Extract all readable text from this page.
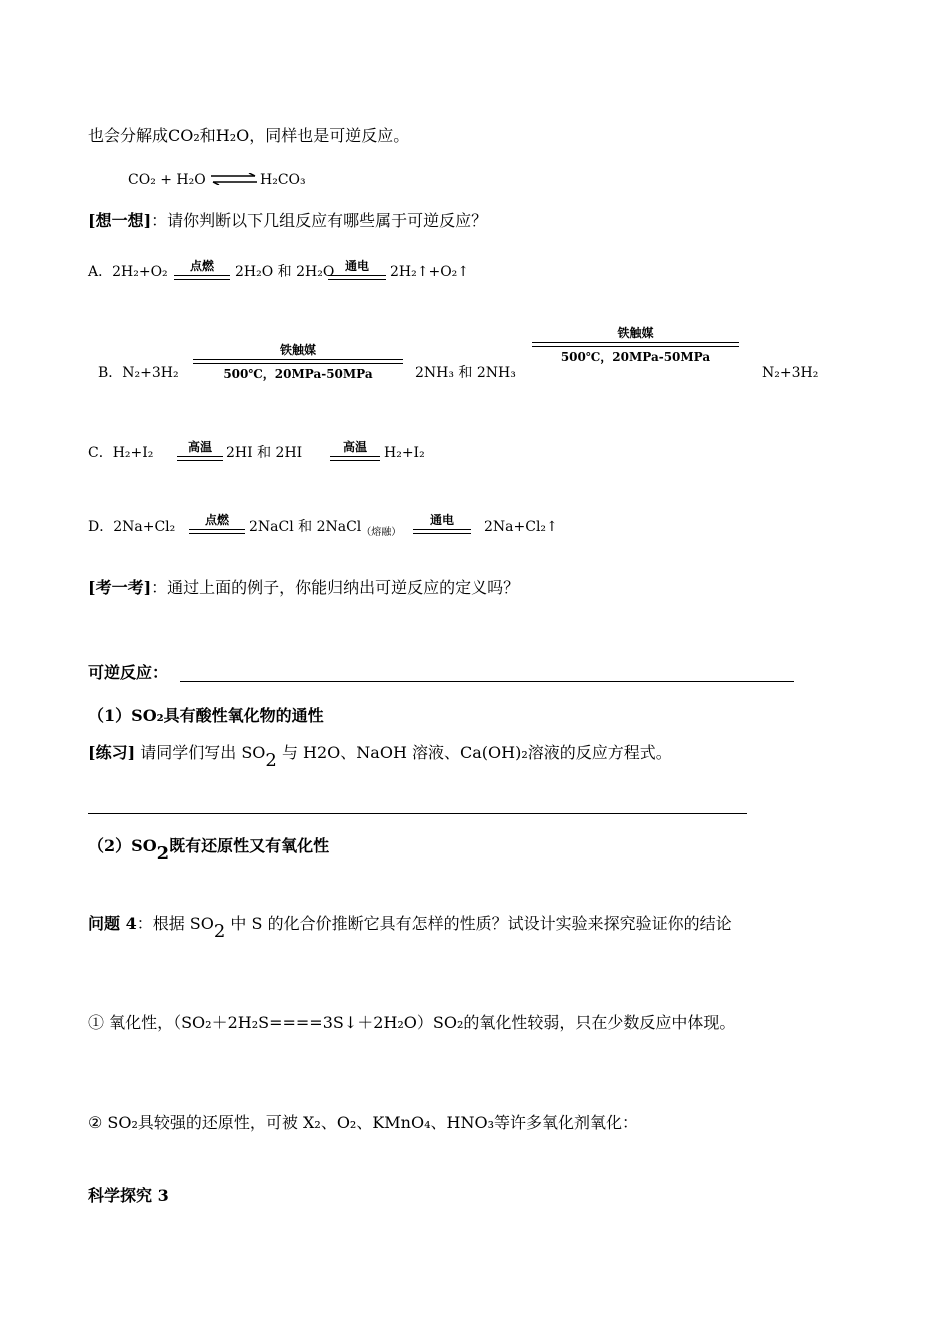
也会分解成CO₂和H₂O，同样也是可逆反应。
CO₂ + H₂O ⇌ H₂CO₃
[想一想]：请你判断以下几组反应有哪些属于可逆反应？
A．2H₂+O₂	点燃	2H₂O 和 2H₂O 通电	2H₂↑+O₂↑
B．N₂+3H₂
铁触媒
500℃，20MPa-50MPa	2NH₃ 和 2NH₃
铁触媒
500℃，20MPa-50MPa
N₂+3H₂
C．H₂+I₂	高温	2HI 和 2HI	高温	H₂+I₂
D．2Na+Cl₂	点燃	2NaCl 和 2NaCl$_{(熔融)}$
通电	2Na+Cl₂↑
[考一考]：通过上面的例子，你能归纳出可逆反应的定义吗？
可逆反应：
（1）SO₂具有酸性氧化物的通性
[练习] 请同学们写出 SO2 与 H2O、NaOH 溶液、Ca(OH)₂溶液的反应方程式。
（2）SO2既有还原性又有氧化性
问题 4：根据 SO2 中 S 的化合价推断它具有怎样的性质？试设计实验来探究验证你的结论
① 氧化性，（SO₂＋2H₂S====3S↓＋2H₂O）SO₂的氧化性较弱，只在少数反应中体现。
② SO₂具较强的还原性，可被 X₂、O₂、KMnO₄、HNO₃等许多氧化剂氧化：
科学探究 3
